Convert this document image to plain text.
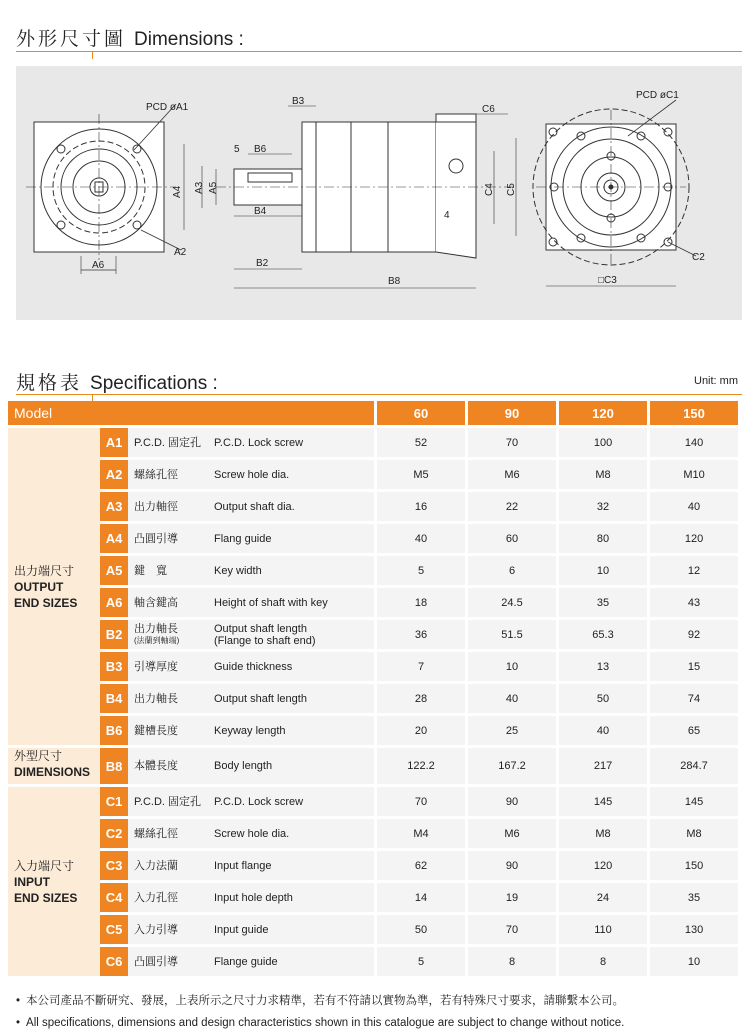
外形尺寸圖 Dimensions :
PCD øA1
A2
A6
A4 A3 A5
5 B6
B4
B2
B3
B8
C6
C4 C5
4
PCD øC1
C2
□C3
規格表 Specifications :	Unit: mm
Model				60	90	120	150

出力端尺寸
OUTPUT
END SIZES	A1	P.C.D. 固定孔	P.C.D. Lock screw	52	70	100	140
	A2	螺絲孔徑	Screw hole dia.	M5	M6	M8	M10
	A3	出力軸徑	Output shaft dia.	16	22	32	40
	A4	凸圓引導	Flang guide	40	60	80	120
	A5	鍵　寬	Key width	5	6	10	12
	A6	軸含鍵高	Height of shaft with key	18	24.5	35	43
	B2	出力軸長
(法蘭到軸端)	Output shaft length
(Flange to shaft end)	36	51.5	65.3	92
	B3	引導厚度	Guide thickness	7	10	13	15
	B4	出力軸長	Output shaft length	28	40	50	74
	B6	鍵槽長度	Keyway length	20	25	40	65

外型尺寸
DIMENSIONS	B8	本體長度	Body length	122.2	167.2	217	284.7

入力端尺寸
INPUT
END SIZES	C1	P.C.D. 固定孔	P.C.D. Lock screw	70	90	145	145
	C2	螺絲孔徑	Screw hole dia.	M4	M6	M8	M8
	C3	入力法蘭	Input flange	62	90	120	150
	C4	入力孔徑	Input hole depth	14	19	24	35
	C5	入力引導	Input guide	50	70	110	130
	C6	凸圓引導	Flange guide	5	8	8	10
• 本公司產品不斷研究、發展，上表所示之尺寸力求精準，若有不符請以實物為準，若有特殊尺寸要求，請聯繫本公司。
• All specifications, dimensions and design characteristics shown in this catalogue are subject to change without notice.
